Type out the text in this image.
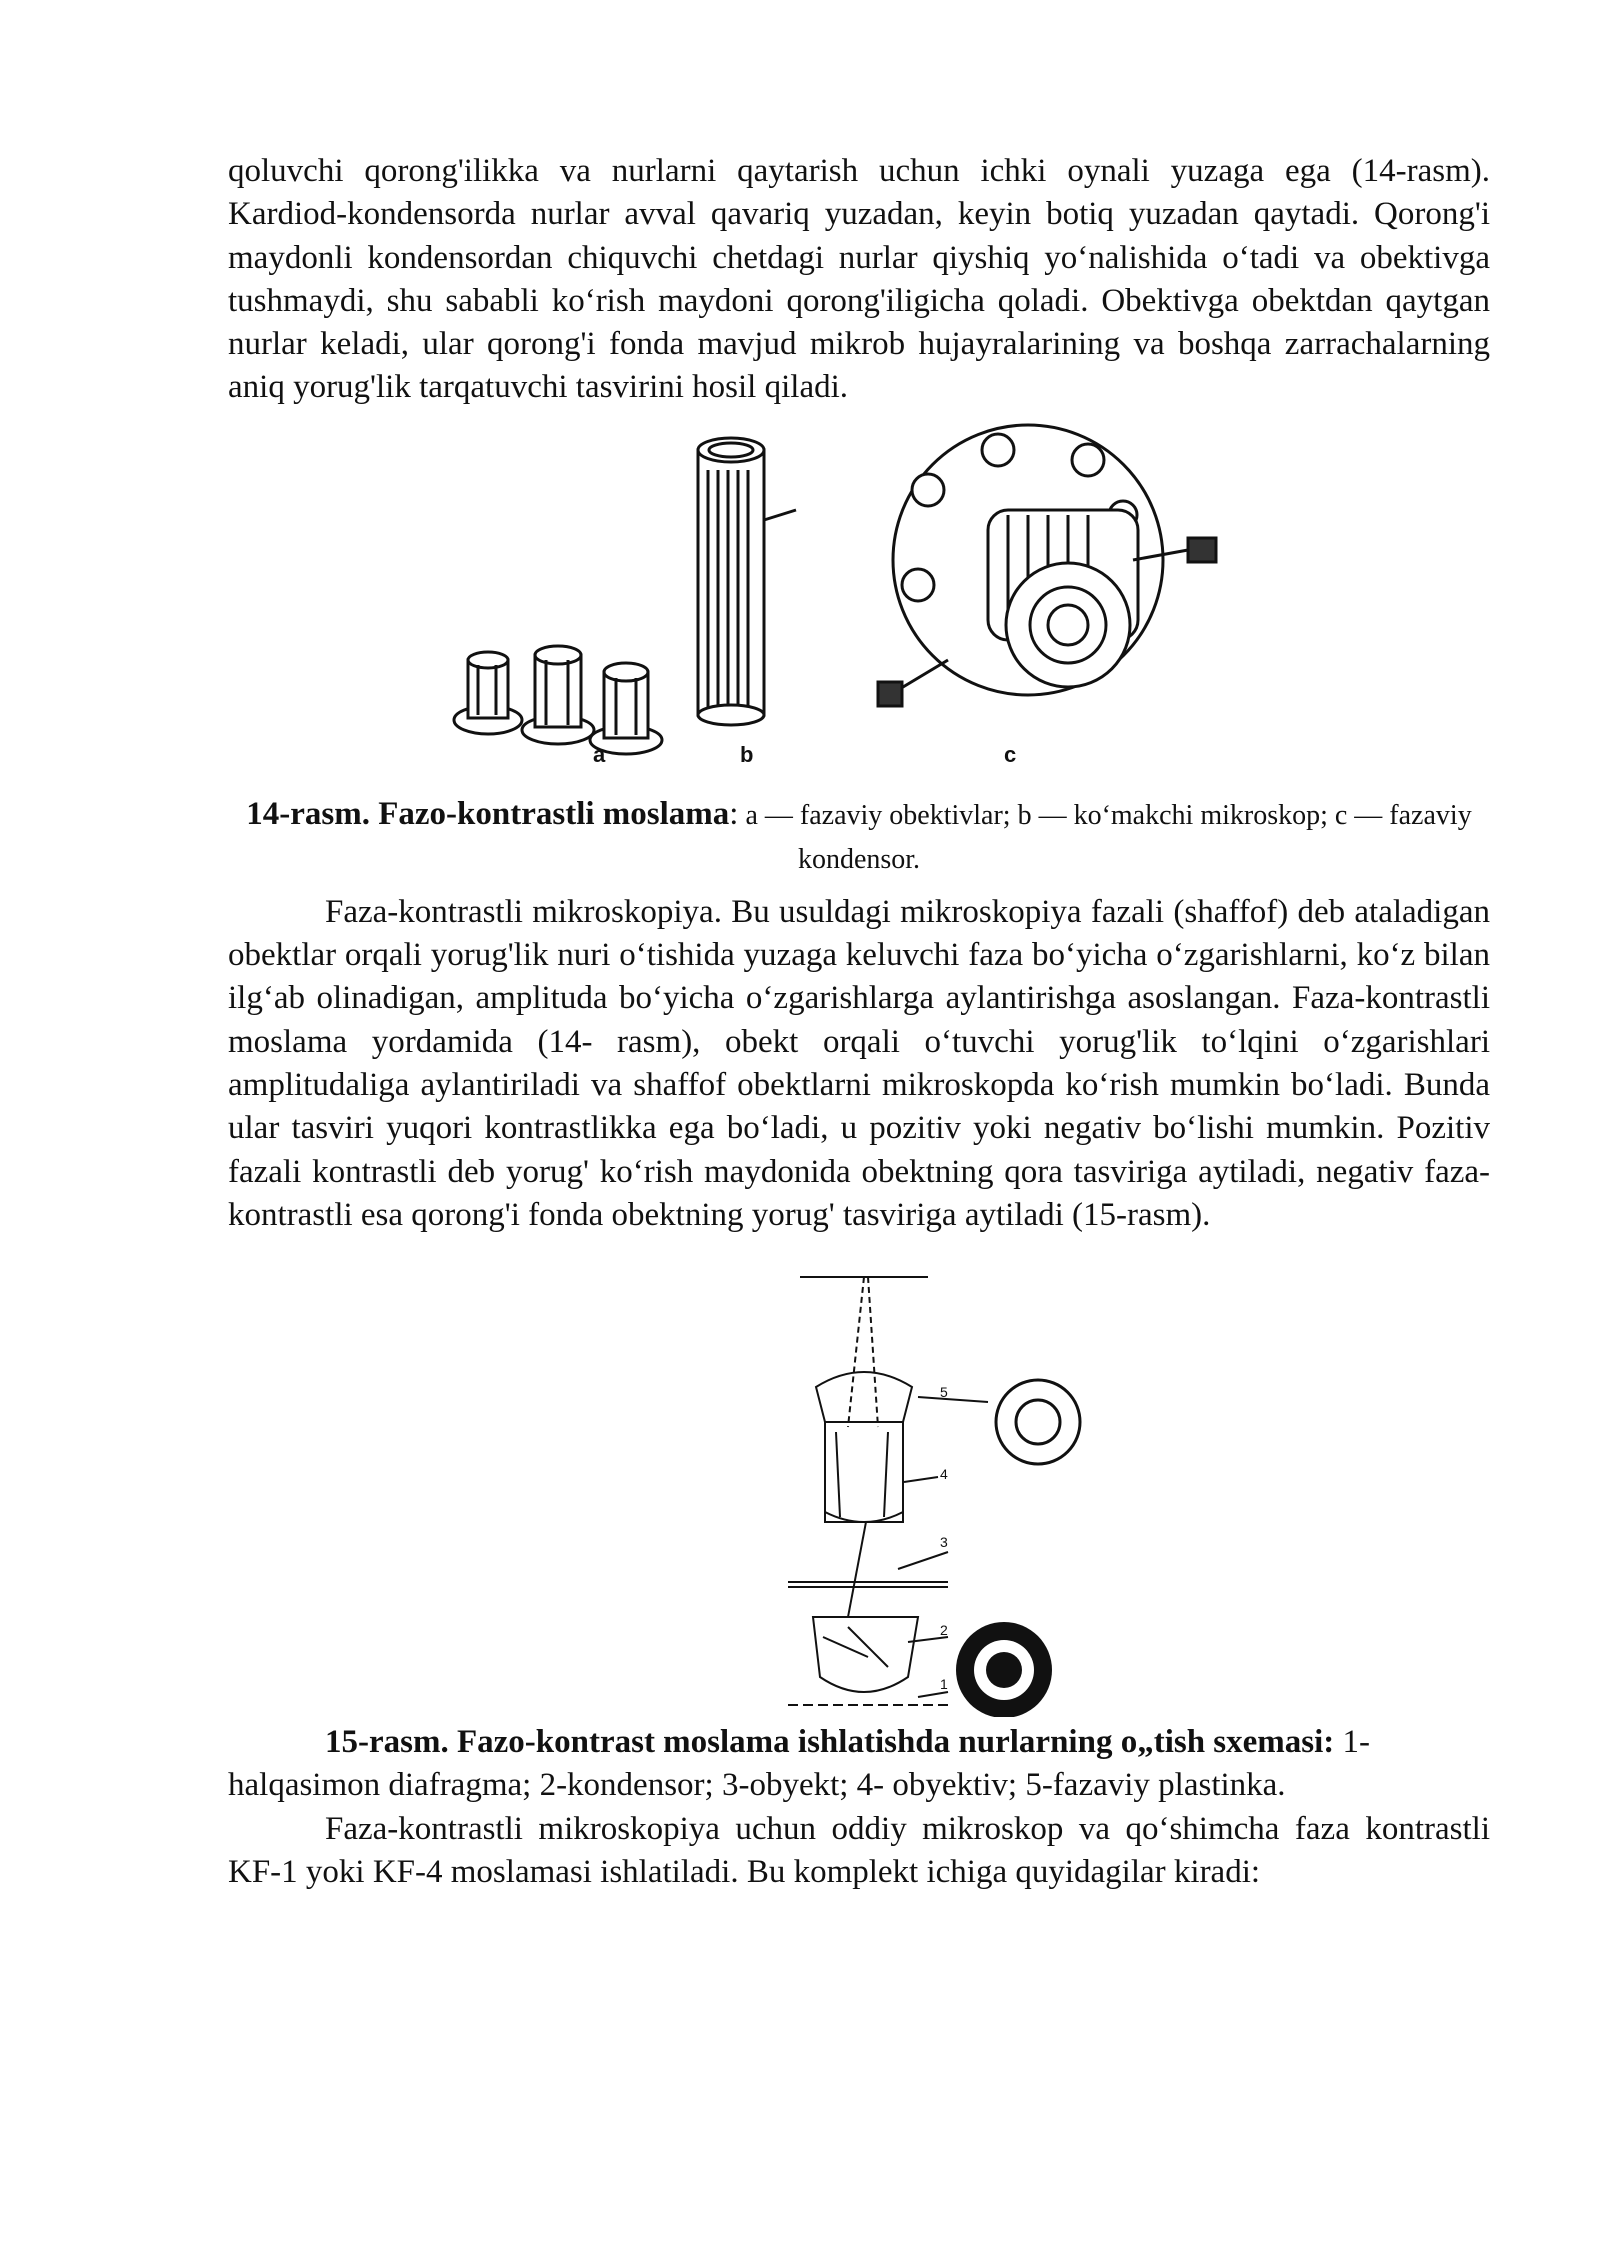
qoluvchi qorong'ilikka va nurlarni qaytarish uchun ichki oynali yuzaga ega (14-rasm). Kardiod-kondensorda nurlar avval qavariq yuzadan, keyin botiq yuzadan qaytadi. Qorong'i maydonli kondensordan chiquvchi chetdagi nurlar qiyshiq yo‘nalishida o‘tadi va obektivga tushmaydi, shu sababli ko‘rish maydoni qorong'iligicha qoladi. Obektivga obektdan qaytgan nurlar keladi, ular qorong'i fonda mavjud mikrob hujayralarining va boshqa zarrachalarning aniq yorug'lik tarqatuvchi tasvirini hosil qiladi.

a	b	c
14-rasm. Fazo-kontrastli moslama: a — fazaviy obektivlar; b — ko‘makchi mikroskop; c — fazaviy kondensor.

Faza-kontrastli mikroskopiya. Bu usuldagi mikroskopiya fazali (shaffof) deb ataladigan obektlar orqali yorug'lik nuri o‘tishida yuzaga keluvchi faza bo‘yicha o‘zgarishlarni, ko‘z bilan ilg‘ab olinadigan, amplituda bo‘yicha o‘zgarishlarga aylantirishga asoslangan. Faza-kontrastli moslama yordamida (14- rasm), obekt orqali o‘tuvchi yorug'lik to‘lqini o‘zgarishlari amplitudaliga aylantiriladi va shaffof obektlarni mikroskopda ko‘rish mumkin bo‘ladi. Bunda ular tasviri yuqori kontrastlikka ega bo‘ladi, u pozitiv yoki negativ bo‘lishi mumkin. Pozitiv fazali kontrastli deb yorug' ko‘rish maydonida obektning qora tasviriga aytiladi, negativ faza-kontrastli esa qorong'i fonda obektning yorug' tasviriga aytiladi (15-rasm).

5
4
3
2
1

15-rasm. Fazo-kontrast moslama ishlatishda nurlarning o„tish sxemasi: 1-halqasimon diafragma; 2-kondensor; 3-obyekt; 4- obyektiv; 5-fazaviy plastinka.

Faza-kontrastli mikroskopiya uchun oddiy mikroskop va qo‘shimcha faza kontrastli KF-1 yoki KF-4 moslamasi ishlatiladi. Bu komplekt ichiga quyidagilar kiradi:
